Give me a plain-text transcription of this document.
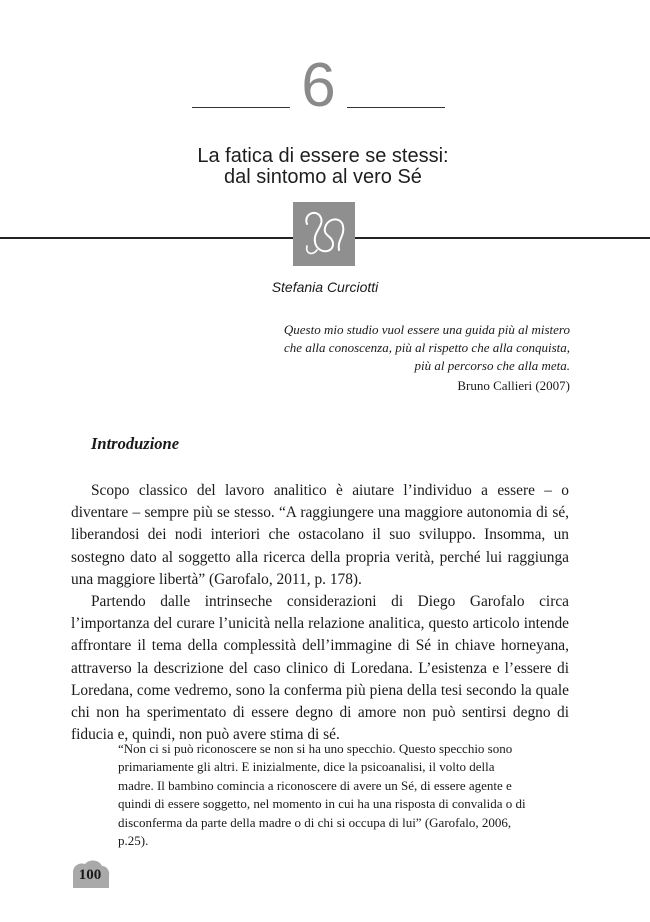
6
La fatica di essere se stessi:
dal sintomo al vero Sé
Stefania Curciotti
Questo mio studio vuol essere una guida più al mistero
che alla conoscenza, più al rispetto che alla conquista,
più al percorso che alla meta.
Bruno Callieri (2007)
Introduzione

Scopo classico del lavoro analitico è aiutare l’individuo a essere – o diventare – sempre più se stesso. “A raggiungere una maggiore autonomia di sé, liberandosi dei nodi interiori che ostacolano il suo sviluppo. Insomma, un sostegno dato al soggetto alla ricerca della propria verità, perché lui raggiunga una maggiore libertà” (Garofalo, 2011, p. 178).

Partendo dalle intrinseche considerazioni di Diego Garofalo circa l’importanza del curare l’unicità nella relazione analitica, questo articolo intende affrontare il tema della complessità dell’immagine di Sé in chiave horneyana, attraverso la descrizione del caso clinico di Loredana. L’esistenza e l’essere di Loredana, come vedremo, sono la conferma più piena della tesi secondo la quale chi non ha sperimentato di essere degno di amore non può sentirsi degno di fiducia e, quindi, non può avere stima di sé.

“Non ci si può riconoscere se non si ha uno specchio. Questo specchio sono primariamente gli altri. E inizialmente, dice la psicoanalisi, il volto della madre. Il bambino comincia a riconoscere di avere un Sé, di essere agente e quindi di essere soggetto, nel momento in cui ha una risposta di convalida o di disconferma da parte della madre o di chi si occupa di lui” (Garofalo, 2006, p.25).
100
